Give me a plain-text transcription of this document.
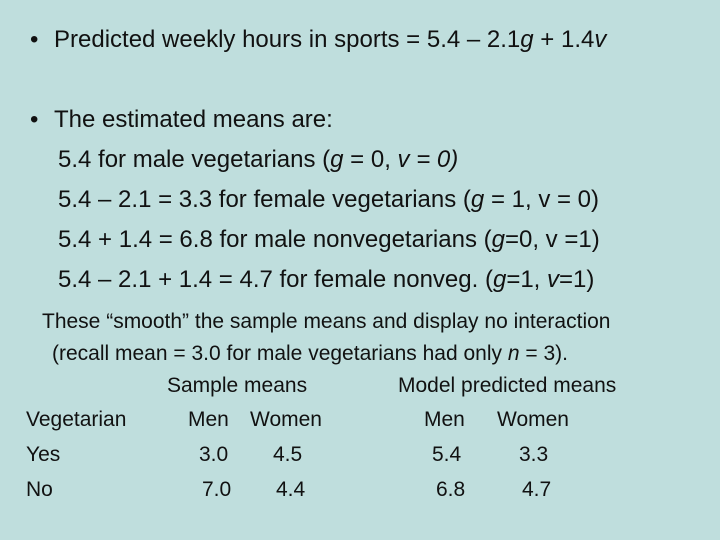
• Predicted weekly hours in sports = 5.4 – 2.1g + 1.4v
• The estimated means are:
5.4 for male vegetarians (g = 0, v = 0)
5.4 – 2.1 = 3.3 for female vegetarians (g = 1, v = 0)
5.4 + 1.4 = 6.8 for male nonvegetarians (g=0, v =1)
5.4 – 2.1 + 1.4 = 4.7 for female nonveg. (g=1, v=1)
These “smooth” the sample means and display no interaction
(recall mean = 3.0 for male vegetarians had only n = 3).
Sample means	Model predicted means
Vegetarian	Men Women	Men Women
Yes	3.0 4.5	5.4	3.3
No	7.0 4.4	6.8	4.7
